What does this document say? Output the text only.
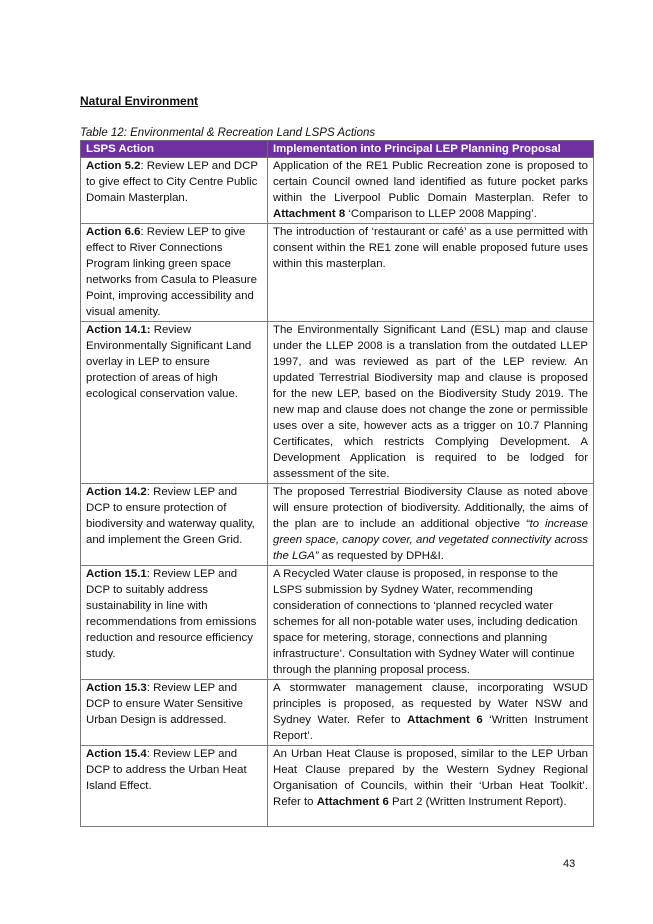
Natural Environment
Table 12: Environmental & Recreation Land LSPS Actions
LSPS Action	Implementation into Principal LEP Planning Proposal
Action 5.2: Review LEP and DCP to give effect to City Centre Public Domain Masterplan.	Application of the RE1 Public Recreation zone is proposed to certain Council owned land identified as future pocket parks within the Liverpool Public Domain Masterplan. Refer to Attachment 8 ‘Comparison to LLEP 2008 Mapping’.
Action 6.6: Review LEP to give effect to River Connections Program linking green space networks from Casula to Pleasure Point, improving accessibility and visual amenity.	The introduction of ‘restaurant or café’ as a use permitted with consent within the RE1 zone will enable proposed future uses within this masterplan.
Action 14.1: Review Environmentally Significant Land overlay in LEP to ensure protection of areas of high ecological conservation value.	The Environmentally Significant Land (ESL) map and clause under the LLEP 2008 is a translation from the outdated LLEP 1997, and was reviewed as part of the LEP review. An updated Terrestrial Biodiversity map and clause is proposed for the new LEP, based on the Biodiversity Study 2019. The new map and clause does not change the zone or permissible uses over a site, however acts as a trigger on 10.7 Planning Certificates, which restricts Complying Development. A Development Application is required to be lodged for assessment of the site.
Action 14.2: Review LEP and DCP to ensure protection of biodiversity and waterway quality, and implement the Green Grid.	The proposed Terrestrial Biodiversity Clause as noted above will ensure protection of biodiversity. Additionally, the aims of the plan are to include an additional objective “to increase green space, canopy cover, and vegetated connectivity across the LGA” as requested by DPH&I.
Action 15.1: Review LEP and DCP to suitably address sustainability in line with recommendations from emissions reduction and resource efficiency study.	A Recycled Water clause is proposed, in response to the LSPS submission by Sydney Water, recommending consideration of connections to ‘planned recycled water schemes for all non-potable water uses, including dedication space for metering, storage, connections and planning infrastructure’. Consultation with Sydney Water will continue through the planning proposal process.
Action 15.3: Review LEP and DCP to ensure Water Sensitive Urban Design is addressed.	A stormwater management clause, incorporating WSUD principles is proposed, as requested by Water NSW and Sydney Water. Refer to Attachment 6 ‘Written Instrument Report’.
Action 15.4: Review LEP and DCP to address the Urban Heat Island Effect.	An Urban Heat Clause is proposed, similar to the LEP Urban Heat Clause prepared by the Western Sydney Regional Organisation of Councils, within their ‘Urban Heat Toolkit’. Refer to Attachment 6 Part 2 (Written Instrument Report).
43
